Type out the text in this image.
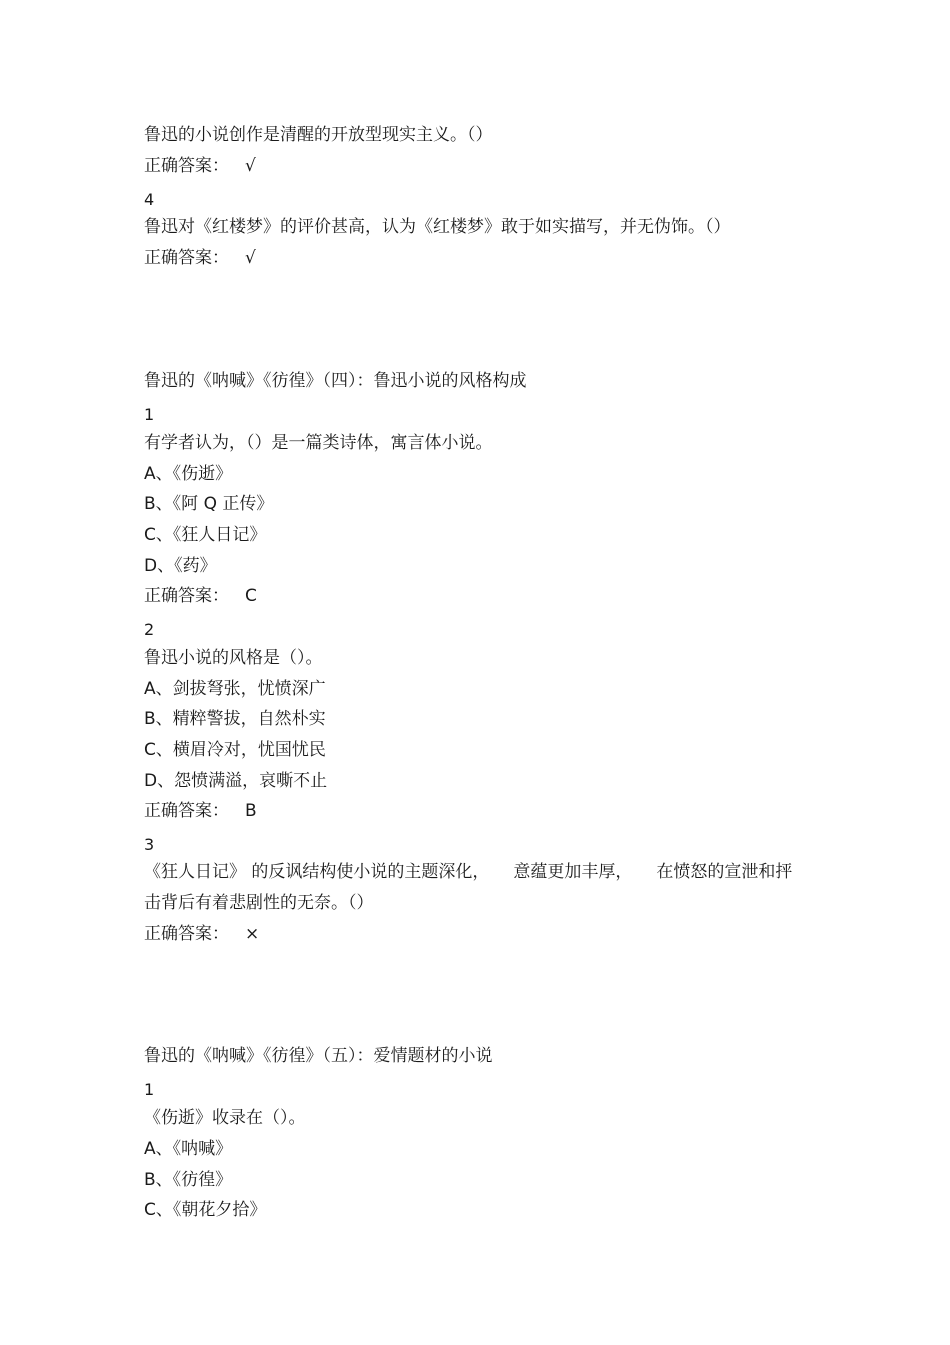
鲁迅的小说创作是清醒的开放型现实主义。（）
正确答案： √
4
鲁迅对《红楼梦》的评价甚高，认为《红楼梦》敢于如实描写，并无伪饰。（）
正确答案： √
鲁迅的《呐喊》《彷徨》（四）：鲁迅小说的风格构成
1
有学者认为，（）是一篇类诗体，寓言体小说。
A、《伤逝》
B、《阿 Q 正传》
C、《狂人日记》
D、《药》
正确答案： C
2
鲁迅小说的风格是（）。
A、剑拔弩张，忧愤深广
B、精粹警拔，自然朴实
C、横眉冷对，忧国忧民
D、怨愤满溢，哀嘶不止
正确答案： B
3
《狂人日记》 的反讽结构使小说的主题深化， 意蕴更加丰厚， 在愤怒的宣泄和抨
击背后有着悲剧性的无奈。（）
正确答案： ×
鲁迅的《呐喊》《彷徨》（五）：爱情题材的小说
1
《伤逝》收录在（）。
A、《呐喊》
B、《彷徨》
C、《朝花夕拾》
